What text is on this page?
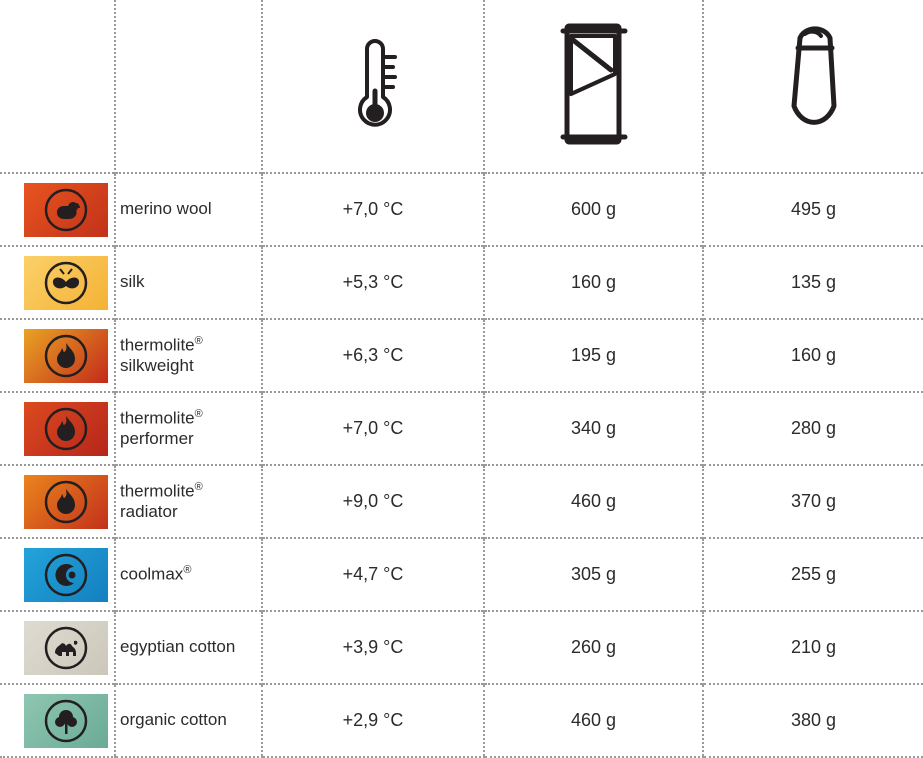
	merino wool	+7,0 °C	600 g	495 g

	silk	+5,3 °C	160 g	135 g

	thermolite®
silkweight	+6,3 °C	195 g	160 g

	thermolite®
performer	+7,0 °C	340 g	280 g

	thermolite®
radiator	+9,0 °C	460 g	370 g

	coolmax®	+4,7 °C	305 g	255 g

	egyptian cotton	+3,9 °C	260 g	210 g

	organic cotton	+2,9 °C	460 g	380 g
